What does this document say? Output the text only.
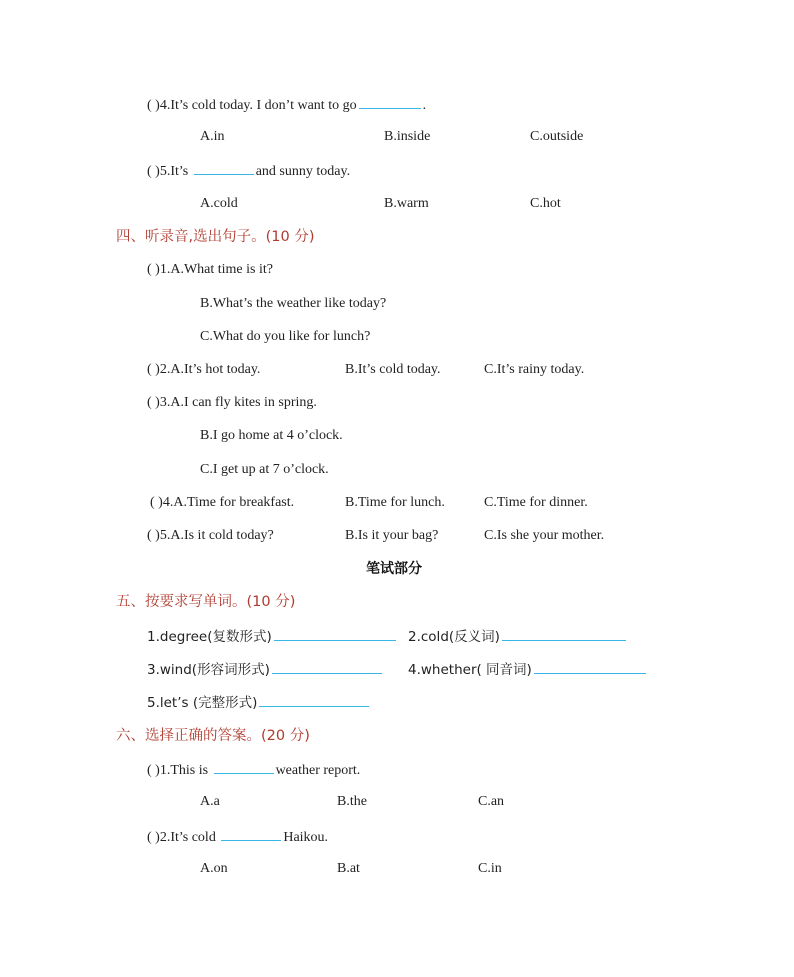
( )4.It’s cold today. I don’t want to go	.
A.in	B.inside	C.outside
( )5.It’s	and sunny today.
A.cold	B.warm	C.hot
四、听录音,选出句子。(10 分)
( )1.A.What time is it?
B.What’s the weather like today?
C.What do you like for lunch?
( )2.A.It’s hot today.	B.It’s cold today.	C.It’s rainy today.
( )3.A.I can fly kites in spring.
B.I go home at 4 o’clock.
C.I get up at 7 o’clock.
( )4.A.Time for breakfast.	B.Time for lunch.	C.Time for dinner.
( )5.A.Is it cold today?	B.Is it your bag?	C.Is she your mother.
笔试部分
五、按要求写单词。(10 分)
1.degree(复数形式)	2.cold(反义词)
3.wind(形容词形式)	4.whether( 同音词)
5.let’s (完整形式)
六、选择正确的答案。(20 分)
( )1.This is	weather report.
A.a	B.the	C.an
( )2.It’s cold	Haikou.
A.on	B.at	C.in
